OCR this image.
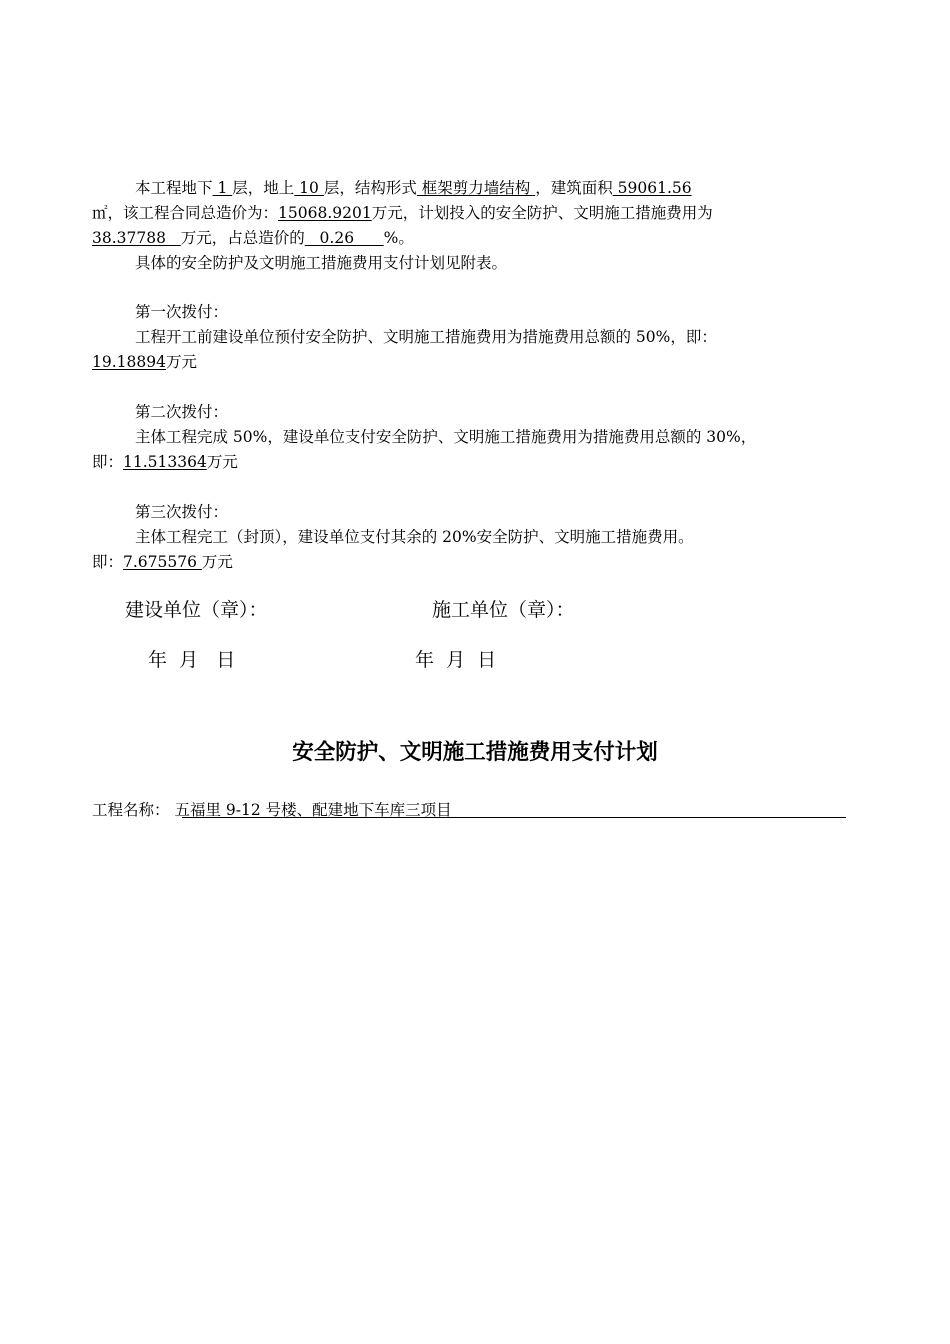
本工程地下 1 层，地上 10 层，结构形式 框架剪力墙结构 ，建筑面积 59061.56
㎡，该工程合同总造价为：15068.9201万元，计划投入的安全防护、文明施工措施费用为
38.37788   万元，占总造价的   0.26      %。
具体的安全防护及文明施工措施费用支付计划见附表。
第一次拨付：
工程开工前建设单位预付安全防护、文明施工措施费用为措施费用总额的 50%，即：
19.18894万元
第二次拨付：
主体工程完成 50%，建设单位支付安全防护、文明施工措施费用为措施费用总额的 30%，
即：11.513364万元
第三次拨付：
主体工程完工（封顶），建设单位支付其余的 20%安全防护、文明施工措施费用。
即：7.675576 万元
建设单位（章）：	施工单位（章）：
年  月   日	年  月  日
安全防护、文明施工措施费用支付计划
工程名称： 五福里 9-12 号楼、配建地下车库三项目
